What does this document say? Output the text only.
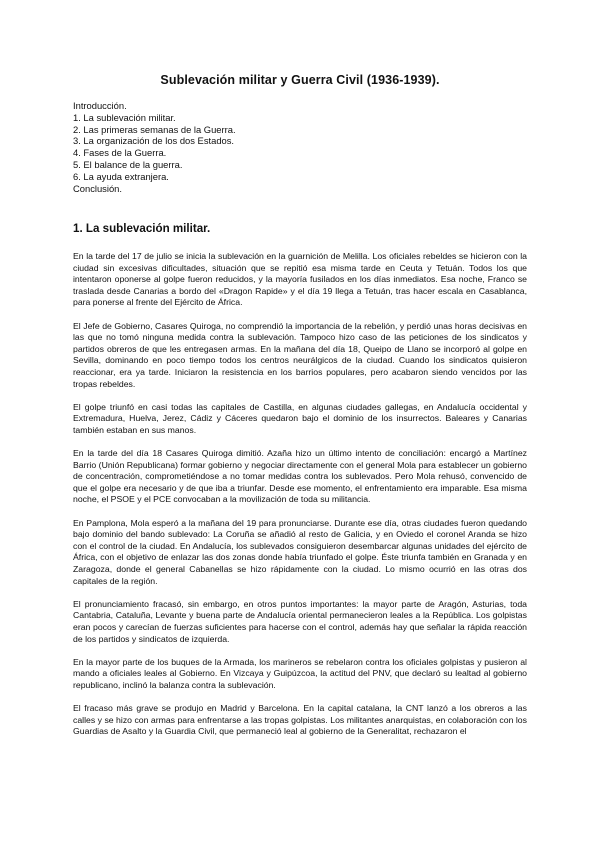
Sublevación militar y Guerra Civil (1936-1939).
Introducción.
1. La sublevación militar.
2. Las primeras semanas de la Guerra.
3. La organización de los dos Estados.
4. Fases de la Guerra.
5. El balance de la guerra.
6. La ayuda extranjera.
Conclusión.
1. La sublevación militar.

En la tarde del 17 de julio se inicia la sublevación en la guarnición de Melilla. Los oficiales rebeldes se hicieron con la ciudad sin excesivas dificultades, situación que se repitió esa misma tarde en Ceuta y Tetuán. Todos los que intentaron oponerse al golpe fueron reducidos, y la mayoría fusilados en los días inmediatos. Esa noche, Franco se traslada desde Canarias a bordo del «Dragon Rapide» y el día 19 llega a Tetuán, tras hacer escala en Casablanca, para ponerse al frente del Ejército de África.

El Jefe de Gobierno, Casares Quiroga, no comprendió la importancia de la rebelión, y perdió unas horas decisivas en las que no tomó ninguna medida contra la sublevación. Tampoco hizo caso de las peticiones de los sindicatos y partidos obreros de que les entregasen armas. En la mañana del día 18, Queipo de Llano se incorporó al golpe en Sevilla, dominando en poco tiempo todos los centros neurálgicos de la ciudad. Cuando los sindicatos quisieron reaccionar, era ya tarde. Iniciaron la resistencia en los barrios populares, pero acabaron siendo vencidos por las tropas rebeldes.

El golpe triunfó en casi todas las capitales de Castilla, en algunas ciudades gallegas, en Andalucía occidental y Extremadura, Huelva, Jerez, Cádiz y Cáceres quedaron bajo el dominio de los insurrectos. Baleares y Canarias también estaban en sus manos.

En la tarde del día 18 Casares Quiroga dimitió. Azaña hizo un último intento de conciliación: encargó a Martínez Barrio (Unión Republicana) formar gobierno y negociar directamente con el general Mola para establecer un gobierno de concentración, comprometiéndose a no tomar medidas contra los sublevados. Pero Mola rehusó, convencido de que el golpe era necesario y de que iba a triunfar. Desde ese momento, el enfrentamiento era imparable. Esa misma noche, el PSOE y el PCE convocaban a la movilización de toda su militancia.

En Pamplona, Mola esperó a la mañana del 19 para pronunciarse. Durante ese día, otras ciudades fueron quedando bajo dominio del bando sublevado: La Coruña se añadió al resto de Galicia, y en Oviedo el coronel Aranda se hizo con el control de la ciudad. En Andalucía, los sublevados consiguieron desembarcar algunas unidades del ejército de África, con el objetivo de enlazar las dos zonas donde había triunfado el golpe. Éste triunfa también en Granada y en Zaragoza, donde el general Cabanellas se hizo rápidamente con la ciudad. Lo mismo ocurrió en las otras dos capitales de la región.

El pronunciamiento fracasó, sin embargo, en otros puntos importantes: la mayor parte de Aragón, Asturias, toda Cantabria, Cataluña, Levante y buena parte de Andalucía oriental permanecieron leales a la República. Los golpistas eran pocos y carecían de fuerzas suficientes para hacerse con el control, además hay que señalar la rápida reacción de los partidos y sindicatos de izquierda.

En la mayor parte de los buques de la Armada, los marineros se rebelaron contra los oficiales golpistas y pusieron al mando a oficiales leales al Gobierno. En Vizcaya y Guipúzcoa, la actitud del PNV, que declaró su lealtad al gobierno republicano, inclinó la balanza contra la sublevación.

El fracaso más grave se produjo en Madrid y Barcelona. En la capital catalana, la CNT lanzó a los obreros a las calles y se hizo con armas para enfrentarse a las tropas golpistas. Los militantes anarquistas, en colaboración con los Guardias de Asalto y la Guardia Civil, que permaneció leal al gobierno de la Generalitat, rechazaron el
